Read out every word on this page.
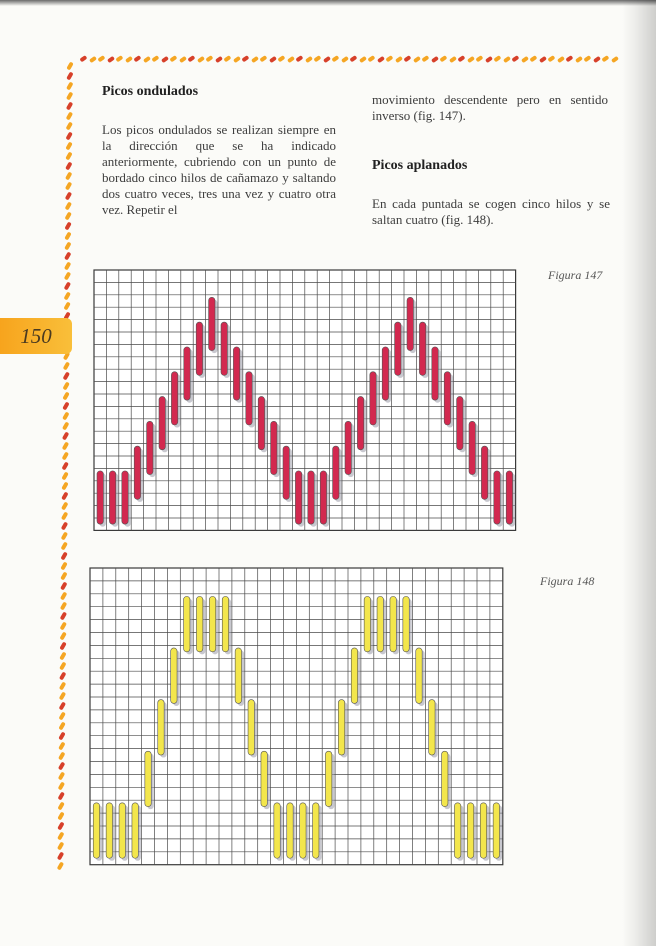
150
Picos ondulados

Los picos ondulados se realizan siempre en la dirección que se ha indicado anteriormente, cubriendo con un punto de bordado cinco hilos de cañamazo y saltando dos cuatro veces, tres una vez y cuatro otra vez. Repetir el

movimiento descendente pero en sentido inverso (fig. 147).

Picos aplanados

En cada puntada se cogen cinco hilos y se saltan cuatro (fig. 148).

Figura 147
Figura 148
